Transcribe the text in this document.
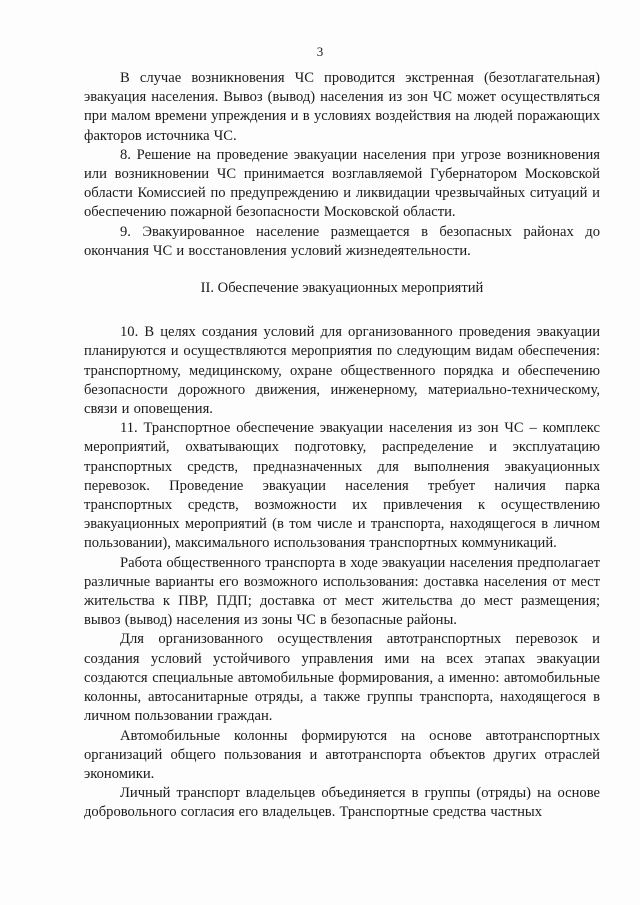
3

В случае возникновения ЧС проводится экстренная (безотлагательная) эвакуация населения. Вывоз (вывод) населения из зон ЧС может осуществляться при малом времени упреждения и в условиях воздействия на людей поражающих факторов источника ЧС.

8. Решение на проведение эвакуации населения при угрозе возникновения или возникновении ЧС принимается возглавляемой Губернатором Московской области Комиссией по предупреждению и ликвидации чрезвычайных ситуаций и обеспечению пожарной безопасности Московской области.

9. Эвакуированное население размещается в безопасных районах до окончания ЧС и восстановления условий жизнедеятельности.

II. Обеспечение эвакуационных мероприятий

10. В целях создания условий для организованного проведения эвакуации планируются и осуществляются мероприятия по следующим видам обеспечения: транспортному, медицинскому, охране общественного порядка и обеспечению безопасности дорожного движения, инженерному, материально-техническому, связи и оповещения.

11. Транспортное обеспечение эвакуации населения из зон ЧС – комплекс мероприятий, охватывающих подготовку, распределение и эксплуатацию транспортных средств, предназначенных для выполнения эвакуационных перевозок. Проведение эвакуации населения требует наличия парка транспортных средств, возможности их привлечения к осуществлению эвакуационных мероприятий (в том числе и транспорта, находящегося в личном пользовании), максимального использования транспортных коммуникаций.

Работа общественного транспорта в ходе эвакуации населения предполагает различные варианты его возможного использования: доставка населения от мест жительства к ПВР, ПДП; доставка от мест жительства до мест размещения; вывоз (вывод) населения из зоны ЧС в безопасные районы.

Для организованного осуществления автотранспортных перевозок и создания условий устойчивого управления ими на всех этапах эвакуации создаются специальные автомобильные формирования, а именно: автомобильные колонны, автосанитарные отряды, а также группы транспорта, находящегося в личном пользовании граждан.

Автомобильные колонны формируются на основе автотранспортных организаций общего пользования и автотранспорта объектов других отраслей экономики.

Личный транспорт владельцев объединяется в группы (отряды) на основе добровольного согласия его владельцев. Транспортные средства частных
